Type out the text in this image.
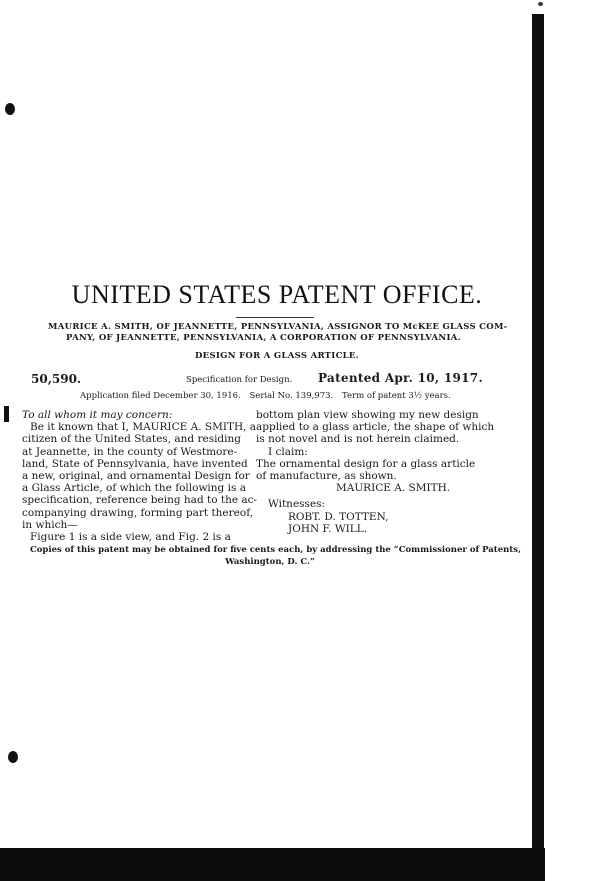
UNITED STATES PATENT OFFICE.
MAURICE A. SMITH, OF JEANNETTE, PENNSYLVANIA, ASSIGNOR TO McKEE GLASS COM-
PANY, OF JEANNETTE, PENNSYLVANIA, A CORPORATION OF PENNSYLVANIA.
DESIGN FOR A GLASS ARTICLE.
50,590.	Specification for Design. Patented Apr. 10, 1917.
Application filed December 30, 1916. Serial No. 139,973. Term of patent 3½ years.
To all whom it may concern:
Be it known that I, MAURICE A. SMITH, a
citizen of the United States, and residing
at Jeannette, in the county of Westmore-
land, State of Pennsylvania, have invented
a new, original, and ornamental Design for
a Glass Article, of which the following is a
specification, reference being had to the ac-
companying drawing, forming part thereof,
in which—
Figure 1 is a side view, and Fig. 2 is a
bottom plan view showing my new design
applied to a glass article, the shape of which
is not novel and is not herein claimed.
I claim:
The ornamental design for a glass article
of manufacture, as shown.
MAURICE A. SMITH.
Witnesses:
ROBT. D. TOTTEN,
JOHN F. WILL.
Copies of this patent may be obtained for five cents each, by addressing the “Commissioner of Patents,
Washington, D. C.”
